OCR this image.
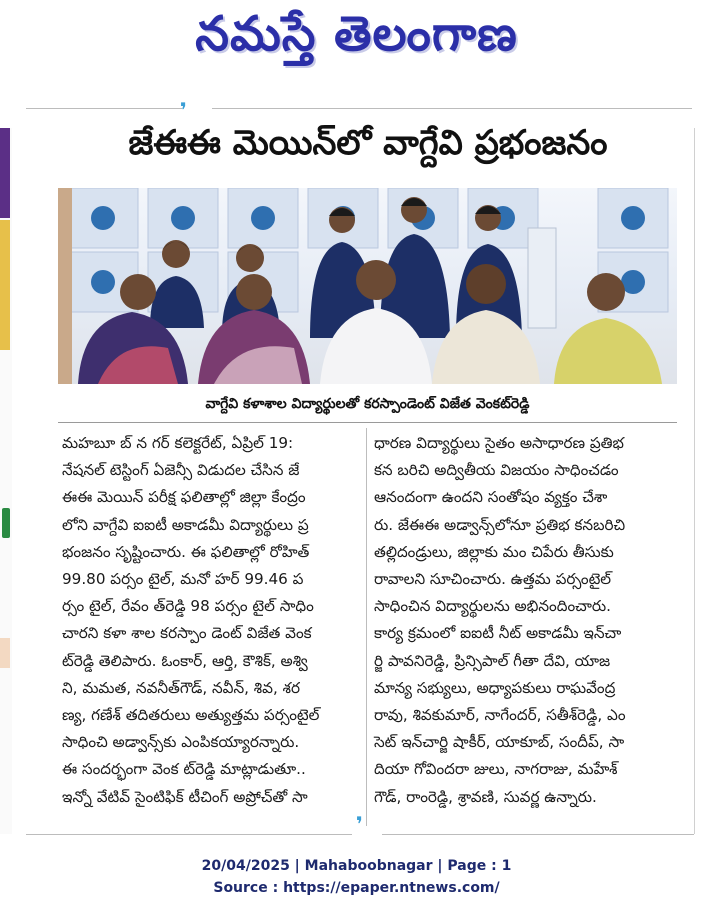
నమస్తే తెలంగాణ
❜
జేఈఈ మెయిన్‌లో వాగ్దేవి ప్రభంజనం
వాగ్దేవి కళాశాల విద్యార్థులతో కరస్పాండెంట్ విజేత వెంకట్‌రెడ్డి

మహబూ బ్ న గర్ కలెక్టరేట్, ఏప్రిల్ 19:

నేషనల్ టెస్టింగ్ ఏజెన్సీ విడుదల చేసిన జే

ఈఈ మెయిన్ పరీక్ష ఫలితాల్లో జిల్లా కేంద్రం

లోని వాగ్దేవి ఐఐటీ అకాడమీ విద్యార్థులు ప్ర

భంజనం సృష్టించారు. ఈ ఫలితాల్లో రోహిత్

99.80 పర్సం టైల్, మనో హర్ 99.46 ప

ర్సం టైల్, రేవం త్‌రెడ్డి 98 పర్సం టైల్ సాధిం

చారని కళా శాల కరస్పాం డెంట్ విజేత వెంక

ట్‌రెడ్డి తెలిపారు. ఓంకార్, ఆర్తి, కౌశిక్, అశ్వి

ని, మమత, నవనీత్‌గౌడ్, నవీన్, శివ, శర

ణ్య, గణేశ్ తదితరులు అత్యుత్తమ పర్సంటైల్

సాధించి అడ్వాన్స్‌కు ఎంపికయ్యారన్నారు.

ఈ సందర్భంగా వెంక ట్‌రెడ్డి మాట్లాడుతూ..

ఇన్నో వేటివ్ సైంటిఫిక్ టీచింగ్ అప్రోచ్‌తో సా

ధారణ విద్యార్థులు సైతం అసాధారణ ప్రతిభ

కన బరిచి అద్వితీయ విజయం సాధించడం

ఆనందంగా ఉందని సంతోషం వ్యక్తం చేశా

రు. జేఈఈ అడ్వాన్స్‌లోనూ ప్రతిభ కనబరిచి

తల్లిదండ్రులు, జిల్లాకు మం చిపేరు తీసుకు

రావాలని సూచించారు. ఉత్తమ పర్సంటైల్

సాధించిన విద్యార్థులను అభినందించారు.

కార్య క్రమంలో ఐఐటీ నీట్ అకాడమీ ఇన్‌చా

ర్జి పావనిరెడ్డి, ప్రిన్సిపాల్ గీతా దేవి, యాజ

మాన్య సభ్యులు, అధ్యాపకులు రాఘవేంద్ర

రావు, శివకుమార్, నాగేందర్, సతీశ్‌రెడ్డి, ఎం

సెట్ ఇన్‌చార్జి షాకీర్, యాకూబ్, సందీప్, సా

దియా గోవిందరా జులు, నాగరాజు, మహేశ్

గౌడ్, రాంరెడ్డి, శ్రావణి, సువర్ణ ఉన్నారు.

❜
20/04/2025 | Mahaboobnagar | Page : 1
Source : https://epaper.ntnews.com/
